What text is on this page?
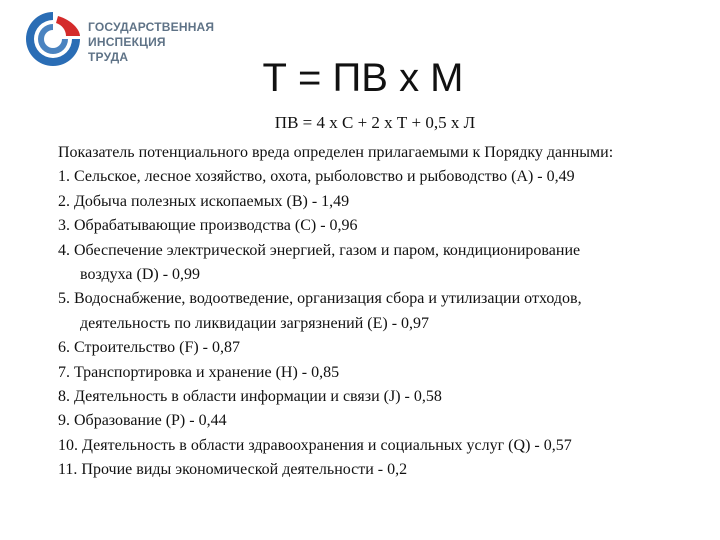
ГОСУДАРСТВЕННАЯ
ИНСПЕКЦИЯ
ТРУДА	Т = ПВ х М
ПВ = 4 х С + 2 х Т + 0,5 х Л
Показатель потенциального вреда определен прилагаемыми к Порядку данными:
1. Сельское, лесное хозяйство, охота, рыболовство и рыбоводство (А) - 0,49
2. Добыча полезных ископаемых (В) - 1,49
3. Обрабатывающие производства (С) - 0,96
4. Обеспечение электрической энергией, газом и паром, кондиционирование
воздуха (D) - 0,99
5. Водоснабжение, водоотведение, организация сбора и утилизации отходов,
деятельность по ликвидации загрязнений (Е) - 0,97
6. Строительство (F) - 0,87
7. Транспортировка и хранение (Н) - 0,85
8. Деятельность в области информации и связи (J) - 0,58
9. Образование (Р) - 0,44
10. Деятельность в области здравоохранения и социальных услуг (Q) - 0,57
11. Прочие виды экономической деятельности - 0,2
